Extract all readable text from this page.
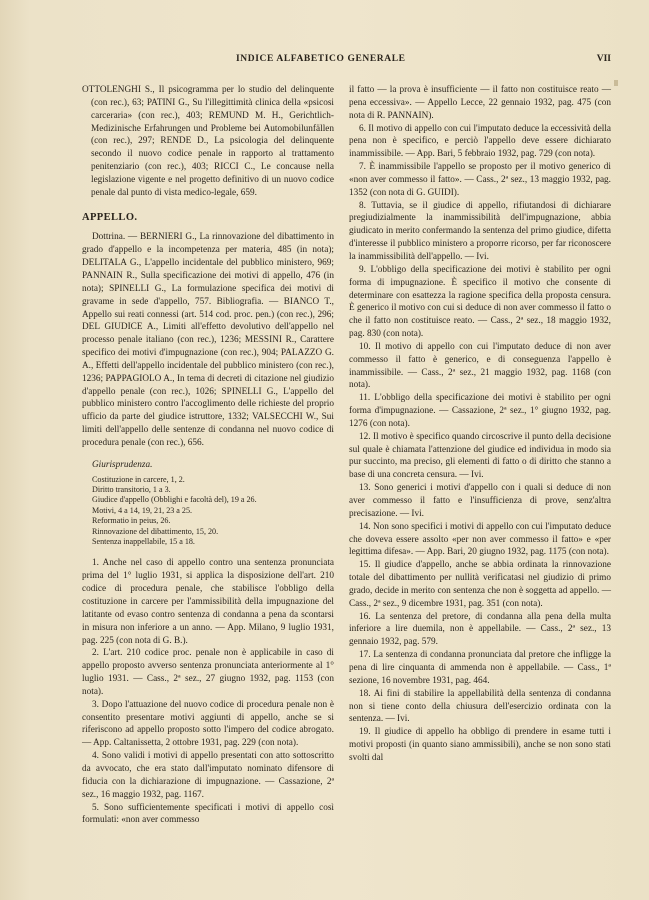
INDICE ALFABETICO GENERALE	VII

OTTOLENGHI S., Il psicogramma per lo studio del delinquente (con rec.), 63; PATINI G., Su l'illegittimità clinica della «psicosi carceraria» (con rec.), 403; REMUND M. H., Gerichtlich-Medizinische Erfahrungen und Probleme bei Automobilunfällen (con rec.), 297; RENDE D., La psicologia del delinquente secondo il nuovo codice penale in rapporto al trattamento penitenziario (con rec.), 403; RICCI C., Le concause nella legislazione vigente e nel progetto definitivo di un nuovo codice penale dal punto di vista medico-legale, 659.

APPELLO.

Dottrina. — BERNIERI G., La rinnovazione del dibattimento in grado d'appello e la incompetenza per materia, 485 (in nota); DELITALA G., L'appello incidentale del pubblico ministero, 969; PANNAIN R., Sulla specificazione dei motivi di appello, 476 (in nota); SPINELLI G., La formulazione specifica dei motivi di gravame in sede d'appello, 757. Bibliografia. — BIANCO T., Appello sui reati connessi (art. 514 cod. proc. pen.) (con rec.), 296; DEL GIUDICE A., Limiti all'effetto devolutivo dell'appello nel processo penale italiano (con rec.), 1236; MESSINI R., Carattere specifico dei motivi d'impugnazione (con rec.), 904; PALAZZO G. A., Effetti dell'appello incidentale del pubblico ministero (con rec.), 1236; PAPPAGIOLO A., In tema di decreti di citazione nel giudizio d'appello penale (con rec.), 1026; SPINELLI G., L'appello del pubblico ministero contro l'accoglimento delle richieste del proprio ufficio da parte del giudice istruttore, 1332; VALSECCHI W., Sui limiti dell'appello delle sentenze di condanna nel nuovo codice di procedura penale (con rec.), 656.

Giurisprudenza.
Costituzione in carcere, 1, 2.
Diritto transitorio, 1 a 3.
Giudice d'appello (Obblighi e facoltà del), 19 a 26.
Motivi, 4 a 14, 19, 21, 23 a 25.
Reformatio in peius, 26.
Rinnovazione del dibattimento, 15, 20.
Sentenza inappellabile, 15 a 18.

1. Anche nel caso di appello contro una sentenza pronunciata prima del 1° luglio 1931, si applica la disposizione dell'art. 210 codice di procedura penale, che stabilisce l'obbligo della costituzione in carcere per l'ammissibilità della impugnazione del latitante od evaso contro sentenza di condanna a pena da scontarsi in misura non inferiore a un anno. — App. Milano, 9 luglio 1931, pag. 225 (con nota di G. B.).

2. L'art. 210 codice proc. penale non è applicabile in caso di appello proposto avverso sentenza pronunciata anteriormente al 1° luglio 1931. — Cass., 2ª sez., 27 giugno 1932, pag. 1153 (con nota).

3. Dopo l'attuazione del nuovo codice di procedura penale non è consentito presentare motivi aggiunti di appello, anche se si riferiscono ad appello proposto sotto l'impero del codice abrogato. — App. Caltanissetta, 2 ottobre 1931, pag. 229 (con nota).

4. Sono validi i motivi di appello presentati con atto sottoscritto da avvocato, che era stato dall'imputato nominato difensore di fiducia con la dichiarazione di impugnazione. — Cassazione, 2ª sez., 16 maggio 1932, pag. 1167.

5. Sono sufficientemente specificati i motivi di appello così formulati: «non aver commesso

il fatto — la prova è insufficiente — il fatto non costituisce reato — pena eccessiva». — Appello Lecce, 22 gennaio 1932, pag. 475 (con nota di R. PANNAIN).

6. Il motivo di appello con cui l'imputato deduce la eccessività della pena non è specifico, e perciò l'appello deve essere dichiarato inammissibile. — App. Bari, 5 febbraio 1932, pag. 729 (con nota).

7. È inammissibile l'appello se proposto per il motivo generico di «non aver commesso il fatto». — Cass., 2ª sez., 13 maggio 1932, pag. 1352 (con nota di G. GUIDI).

8. Tuttavia, se il giudice di appello, rifiutandosi di dichiarare pregiudizialmente la inammissibilità dell'impugnazione, abbia giudicato in merito confermando la sentenza del primo giudice, difetta d'interesse il pubblico ministero a proporre ricorso, per far riconoscere la inammissibilità dell'appello. — Ivi.

9. L'obbligo della specificazione dei motivi è stabilito per ogni forma di impugnazione. È specifico il motivo che consente di determinare con esattezza la ragione specifica della proposta censura. È generico il motivo con cui si deduce di non aver commesso il fatto o che il fatto non costituisce reato. — Cass., 2ª sez., 18 maggio 1932, pag. 830 (con nota).

10. Il motivo di appello con cui l'imputato deduce di non aver commesso il fatto è generico, e di conseguenza l'appello è inammissibile. — Cass., 2ª sez., 21 maggio 1932, pag. 1168 (con nota).

11. L'obbligo della specificazione dei motivi è stabilito per ogni forma d'impugnazione. — Cassazione, 2ª sez., 1° giugno 1932, pag. 1276 (con nota).

12. Il motivo è specifico quando circoscrive il punto della decisione sul quale è chiamata l'attenzione del giudice ed individua in modo sia pur succinto, ma preciso, gli elementi di fatto o di diritto che stanno a base di una concreta censura. — Ivi.

13. Sono generici i motivi d'appello con i quali si deduce di non aver commesso il fatto e l'insufficienza di prove, senz'altra precisazione. — Ivi.

14. Non sono specifici i motivi di appello con cui l'imputato deduce che doveva essere assolto «per non aver commesso il fatto» e «per legittima difesa». — App. Bari, 20 giugno 1932, pag. 1175 (con nota).

15. Il giudice d'appello, anche se abbia ordinata la rinnovazione totale del dibattimento per nullità verificatasi nel giudizio di primo grado, decide in merito con sentenza che non è soggetta ad appello. — Cass., 2ª sez., 9 dicembre 1931, pag. 351 (con nota).

16. La sentenza del pretore, di condanna alla pena della multa inferiore a lire duemila, non è appellabile. — Cass., 2ª sez., 13 gennaio 1932, pag. 579.

17. La sentenza di condanna pronunciata dal pretore che infligge la pena di lire cinquanta di ammenda non è appellabile. — Cass., 1ª sezione, 16 novembre 1931, pag. 464.

18. Ai fini di stabilire la appellabilità della sentenza di condanna non si tiene conto della chiusura dell'esercizio ordinata con la sentenza. — Ivi.

19. Il giudice di appello ha obbligo di prendere in esame tutti i motivi proposti (in quanto siano ammissibili), anche se non sono stati svolti dal
